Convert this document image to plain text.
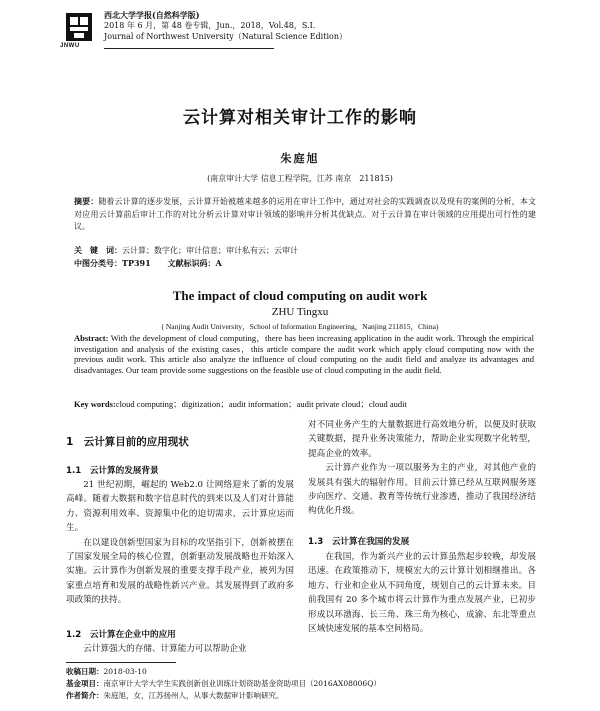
JNWU
西北大学学报(自然科学版)
2018 年 6 月，第 48 卷专辑，Jun.，2018，Vol.48，S.I.
Journal of Northwest University（Natural Science Edition）
云计算对相关审计工作的影响
朱庭旭
(南京审计大学 信息工程学院，江苏 南京　211815)
摘要：随着云计算的逐步发展，云计算开始被越来越多的运用在审计工作中，通过对社会的实践调查以及现有的案例的分析，本文对应用云计算前后审计工作的对比分析云计算对审计领域的影响并分析其优缺点。对于云计算在审计领域的应用提出可行性的建议。
关　键　词：云计算；数字化；审计信息；审计私有云；云审计
中图分类号：TP391 文献标识码：A
The impact of cloud computing on audit work
ZHU Tingxu
( Nanjing Audit University，School of Information Engineering，Nanjing 211815，China)
Abstract: With the development of cloud computing，there has been increasing application in the audit work. Through the empirical investigation and analysis of the existing cases，this article compare the audit work which apply cloud computing now with the previous audit work. This article also analyze the influence of cloud computing on the audit field and analyze its advantages and disadvantages. Our team provide some suggestions on the feasible use of cloud computing in the audit field.
Key words:cloud computing；digitization；audit information；audit private cloud；cloud audit
1　云计算目前的应用现状
1.1　云计算的发展背景

21 世纪初期，崛起的 Web2.0 让网络迎来了新的发展高峰。随着大数据和数字信息时代的到来以及人们对计算能力、资源利用效率、资源集中化的迫切需求，云计算应运而生。

在以建设创新型国家为目标的攻坚指引下，创新被摆在了国家发展全局的核心位置，创新驱动发展战略也开始深入实施。云计算作为创新发展的重要支撑手段产业，被列为国家重点培育和发展的战略性新兴产业。其发展得到了政府多项政策的扶持。

1.2　云计算在企业中的应用
云计算强大的存储、计算能力可以帮助企业

对不同业务产生的大量数据进行高效地分析，以便及时获取关键数据，提升业务决策能力，帮助企业实现数字化转型，提高企业的效率。

云计算产业作为一项以服务为主的产业，对其他产业的发展具有强大的辐射作用。目前云计算已经从互联网服务逐步向医疗、交通、教育等传统行业渗透，推动了我国经济结构优化升级。

1.3　云计算在我国的发展

在我国，作为新兴产业的云计算虽然起步较晚，却发展迅速。在政策推动下，规模宏大的云计算计划相继推出。各地方、行业和企业从不同角度，规划自己的云计算未来。目前我国有 20 多个城市将云计算作为重点发展产业，已初步形成以环渤海、长三角、珠三角为核心，成渝、东北等重点区域快速发展的基本空间格局。

收稿日期：2018-03-10
基金项目：南京审计大学大学生实践创新创业训练计划资助基金资助项目（2016AX08006Q）
作者简介：朱庭旭，女，江苏扬州人，从事大数据审计影响研究。
